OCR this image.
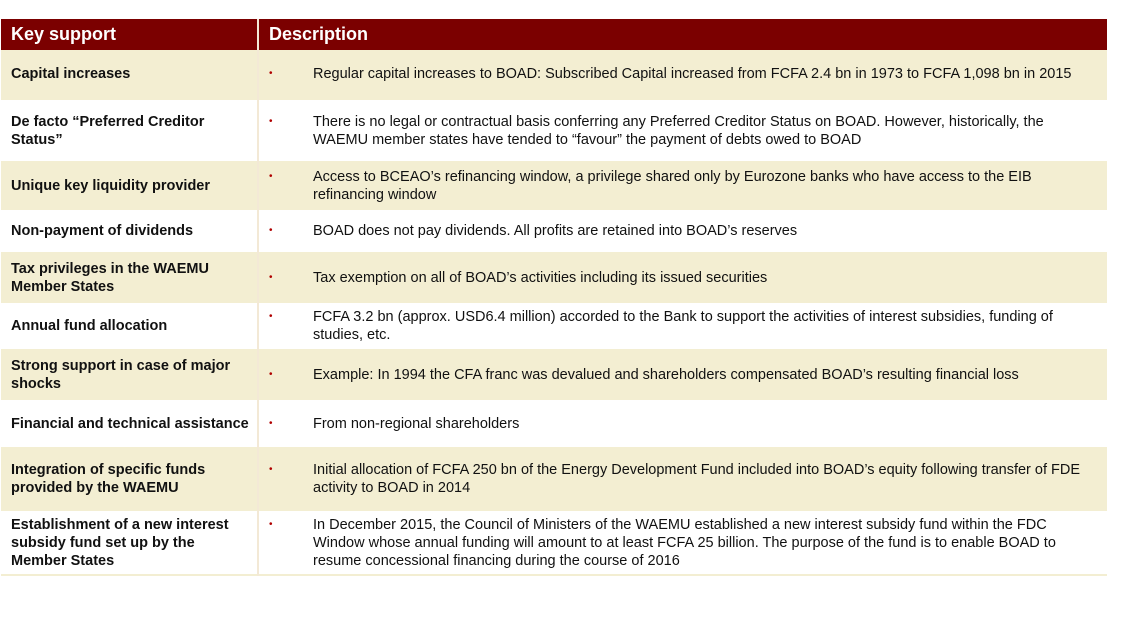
Key support	Description
Capital increases	• Regular capital increases to BOAD: Subscribed Capital increased from FCFA 2.4 bn in 1973 to FCFA 1,098 bn in 2015

De facto “Preferred Creditor Status”	• There is no legal or contractual basis conferring any Preferred Creditor Status on BOAD. However, historically, the WAEMU member states have tended to “favour” the payment of debts owed to BOAD

Unique key liquidity provider	• Access to BCEAO’s refinancing window, a privilege shared only by Eurozone banks who have access to the EIB refinancing window

Non-payment of dividends	• BOAD does not pay dividends. All profits are retained into BOAD’s reserves

Tax privileges in the WAEMU Member States	• Tax exemption on all of BOAD’s activities including its issued securities

Annual fund allocation	• FCFA 3.2 bn (approx. USD6.4 million) accorded to the Bank to support the activities of interest subsidies, funding of studies, etc.

Strong support in case of major shocks	• Example: In 1994 the CFA franc was devalued and shareholders compensated BOAD’s resulting financial loss

Financial and technical assistance	• From non-regional shareholders

Integration of specific funds provided by the WAEMU	• Initial allocation of FCFA 250 bn of the Energy Development Fund included into BOAD’s equity following transfer of FDE activity to BOAD in 2014

Establishment of a new interest subsidy fund set up by the Member States	• In December 2015, the Council of Ministers of the WAEMU established a new interest subsidy fund within the FDC Window whose annual funding will amount to at least FCFA 25 billion. The purpose of the fund is to enable BOAD to resume concessional financing during the course of 2016
